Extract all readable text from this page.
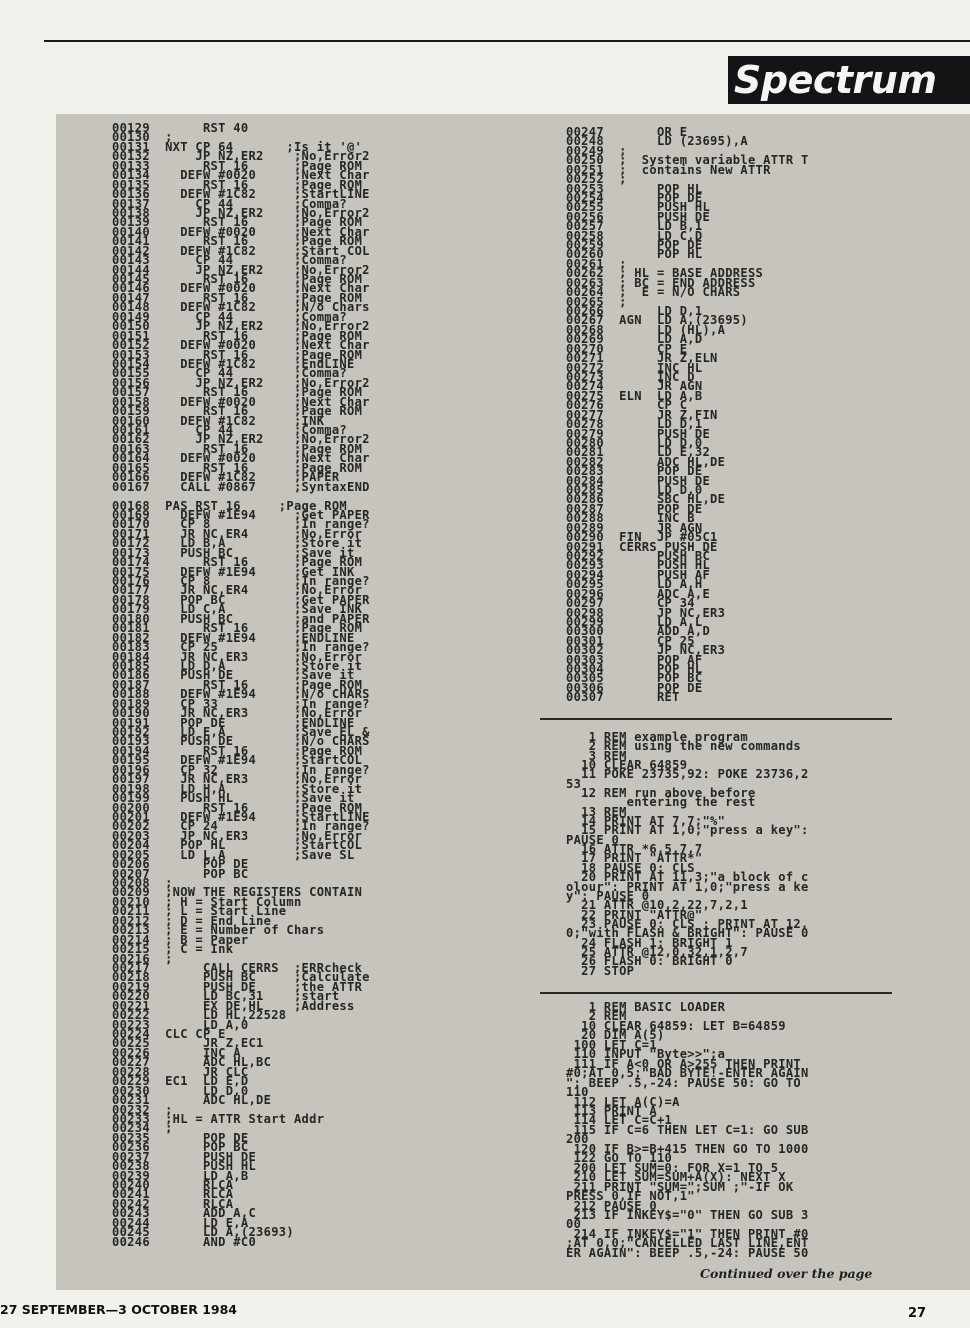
Spectrum
00129       RST 40
00130  ;
00131  NXT CP 64       ;Is it '@'
00132      JP NZ,ER2    ;No,Error2
00133       RST 16      ;Page ROM
00134    DEFW #0020     ;Next Char
00135       RST 16      ;Page ROM
00136    DEFW #1C82     ;StartLINE
00137      CP 44        ;Comma?
00138      JP NZ,ER2    ;No,Error2
00139       RST 16      ;Page ROM
00140    DEFW #0020     ;Next Char
00141       RST 16      ;Page ROM
00142    DEFW #1C82     ;Start COL
00143      CP 44        ;Comma?
00144      JP NZ,ER2    ;No,Error2
00145       RST 16      ;Page ROM
00146    DEFW #0020     ;Next Char
00147       RST 16      ;Page ROM
00148    DEFW #1C82     ;N/o Chars
00149      CP 44        ;Comma?
00150      JP NZ,ER2    ;No,Error2
00151       RST 16      ;Page ROM
00152    DEFW #0020     ;Next Char
00153       RST 16      ;Page ROM
00154    DEFW #1C82     ;EndLINE
00155      CP 44        ;Comma?
00156      JP NZ,ER2    ;No,Error2
00157       RST 16      ;Page ROM
00158    DEFW #0020     ;Next Char
00159       RST 16      ;Page ROM
00160    DEFW #1C82     ;INK
00161      CP 44        ;Comma?
00162      JP NZ,ER2    ;No,Error2
00163       RST 16      ;Page ROM
00164    DEFW #0020     ;Next Char
00165       RST 16      ;Page ROM
00166    DEFW #1C82     ;PAPER
00167    CALL #0867     ;SyntaxEND

00168  PAS RST 16     ;Page ROM
00169    DEFW #1E94     ;Get PAPER
00170    CP 8           ;In range?
00171    JR NC,ER4      ;No,Error
00172    LD B,A         ;Store it
00173    PUSH BC        ;Save it
00174       RST 16      ;Page ROM
00175    DEFW #1E94     ;Get INK
00176    CP 8           ;In range?
00177    JR NC,ER4      ;No,Error
00178    POP BC         ;Get PAPER
00179    LD C,A         ;Save INK
00180    PUSH BC        ;and PAPER
00181       RST 16      ;Page ROM
00182    DEFW #1E94     ;ENDLINE
00183    CP 25          ;In range?
00184    JR NC,ER3      ;No,Error
00185    LD D,A         ;Store it
00186    PUSH DE        ;Save it
00187       RST 16      ;Page ROM
00188    DEFW #1E94     ;N/o CHARS
00189    CP 33          ;In range?
00190    JR NC,ER3      ;No,Error
00191    POP DE         ;ENDLINE
00192    LD E,A         ;Save EL &
00193    PUSH DE        ;N/o CHARS
00194       RST 16      ;Page ROM
00195    DEFW #1E94     ;StartCOL
00196    CP 32          ;In range?
00197    JR NC,ER3      ;No,Error
00198    LD H,A         ;Store it
00199    PUSH HL        ;Save it
00200       RST 16      ;Page ROM
00201    DEFW #1E94     ;StartLINE
00202    CP 24          ;In range?
00203    JP NC,ER3      ;No,Error
00204    POP HL         ;StartCOL
00205    LD L,A         ;Save SL
00206       POP DE
00207       POP BC
00208  ;
00209  ;NOW THE REGISTERS CONTAIN
00210  ; H = Start Column
00211  ; L = Start Line
00212  ; D = End Line
00213  ; E = Number of Chars
00214  ; B = Paper
00215  ; C = Ink
00216  ;
00217       CALL CERRS  ;ERRcheck
00218       PUSH BC     ;Calculate
00219       PUSH DE     ;the ATTR
00220       LD BC,31    ;start
00221       EX DE,HL    ;Address
00222       LD HL,22528
00223       LD A,0
00224  CLC CP E
00225       JR Z,EC1
00226       INC A
00227       ADC HL,BC
00228       JR CLC
00229  EC1  LD E,D
00230       LD D,0
00231       ADC HL,DE
00232  ;
00233  ;HL = ATTR Start Addr
00234  ;
00235       POP DE
00236       POP BC
00237       PUSH DE
00238       PUSH HL
00239       LD A,B
00240       RLCA
00241       RLCA
00242       RLCA
00243       ADD A,C
00244       LD E,A
00245       LD A,(23693)
00246       AND #C0
00247       OR E
00248       LD (23695),A
00249  ;
00250  ;  System variable ATTR T
00251  ;  contains New ATTR
00252  ;
00253       POP HL
00254       POP DE
00255       PUSH HL
00256       PUSH DE
00257       LD B,1
00258       LD C,D
00259       POP DE
00260       POP HL
00261  ;
00262  ; HL = BASE ADDRESS
00263  ; BC = END ADDRESS
00264  ;  E = N/O CHARS
00265  ;
00266       LD D,1
00267  AGN  LD A,(23695)
00268       LD (HL),A
00269       LD A,D
00270       CP E
00271       JR Z,ELN
00272       INC HL
00273       INC D
00274       JR AGN
00275  ELN  LD A,B
00276       CP C
00277       JR Z,FIN
00278       LD D,1
00279       PUSH DE
00280       LD D,0
00281       LD E,32
00282       ADC HL,DE
00283       POP DE
00284       PUSH DE
00285       LD D,0
00286       SBC HL,DE
00287       POP DE
00288       INC B
00289       JR AGN
00290  FIN  JP #05C1
00291  CERRS PUSH DE
00292       PUSH BC
00293       PUSH HL
00294       PUSH AF
00295       LD A,H
00296       ADC A,E
00297       CP 34
00298       JP NC,ER3
00299       LD A,L
00300       ADD A,D
00301       CP 25
00302       JP NC,ER3
00303       POP AF
00304       POP HL
00305       POP BC
00306       POP DE
00307       RET
1 REM example program
2 REM using the new commands
3 REM
10 CLEAR 64859
11 POKE 23735,92: POKE 23736,2
53
12 REM run above before
entering the rest
13 REM
14 PRINT AT 7,7;"%"
15 PRINT AT 1,0;"press a key":
PAUSE 0
16 ATTR *6,5,7,7
17 PRINT "ATTR*"
18 PAUSE 0: CLS
20 PRINT AT 11,3;"a block of c
olour": PRINT AT 1,0;"press a ke
y": PAUSE 0
21 ATTR @10,2,22,7,2,1
22 PRINT "ATTR@"
23 PAUSE 0: CLS : PRINT AT 12,
0;"with FLASH & BRIGHT": PAUSE 0
24 FLASH 1: BRIGHT 1
25 ATTR @12,0,32,1,2,7
26 FLASH 0: BRIGHT 0
27 STOP
1 REM BASIC LOADER
2 REM
10 CLEAR 64859: LET B=64859
20 DIM A(5)
100 LET C=1
110 INPUT "Byte>>";a
111 IF A<0 OR A>255 THEN PRINT
#0;AT 0,5;"BAD BYTE!-ENTER AGAIN
": BEEP .5,-24: PAUSE 50: GO TO
110
112 LET A(C)=A
113 PRINT A
114 LET C=C+1
115 IF C=6 THEN LET C=1: GO SUB
200
120 IF B>=B+415 THEN GO TO 1000
122 GO TO 110
200 LET SUM=0: FOR X=1 TO 5
210 LET SUM=SUM+A(X): NEXT X
211 PRINT "SUM=";SUM ;"-IF OK
PRESS 0,IF NOT,1"
212 PAUSE 0
213 IF INKEY$="0" THEN GO SUB 3
00
214 IF INKEY$="1" THEN PRINT #0
;AT 0,0;"CANCELLED LAST LINE,ENT
ER AGAIN": BEEP .5,-24: PAUSE 50
Continued over the page
27 SEPTEMBER—3 OCTOBER 1984	27
